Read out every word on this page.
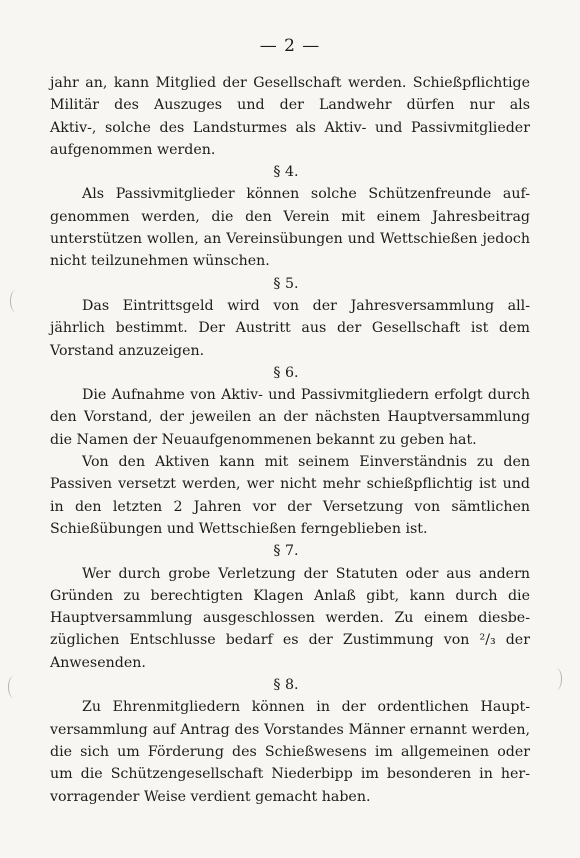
— 2 —
jahr an, kann Mitglied der Gesellschaft werden. Schießpflichtige
Militär des Auszuges und der Landwehr dürfen nur als
Aktiv-, solche des Landsturmes als Aktiv- und Passivmitglieder
aufgenommen werden.
§ 4.
Als Passivmitglieder können solche Schützenfreunde auf-
genommen werden, die den Verein mit einem Jahresbeitrag
unterstützen wollen, an Vereinsübungen und Wettschießen jedoch
nicht teilzunehmen wünschen.
§ 5.
Das Eintrittsgeld wird von der Jahresversammlung all-
jährlich bestimmt. Der Austritt aus der Gesellschaft ist dem
Vorstand anzuzeigen.
§ 6.
Die Aufnahme von Aktiv- und Passivmitgliedern erfolgt durch
den Vorstand, der jeweilen an der nächsten Hauptversammlung
die Namen der Neuaufgenommenen bekannt zu geben hat.
Von den Aktiven kann mit seinem Einverständnis zu den
Passiven versetzt werden, wer nicht mehr schießpflichtig ist und
in den letzten 2 Jahren vor der Versetzung von sämtlichen
Schießübungen und Wettschießen ferngeblieben ist.
§ 7.
Wer durch grobe Verletzung der Statuten oder aus andern
Gründen zu berechtigten Klagen Anlaß gibt, kann durch die
Hauptversammlung ausgeschlossen werden. Zu einem diesbe-
züglichen Entschlusse bedarf es der Zustimmung von ²/₃ der
Anwesenden.
§ 8.
Zu Ehrenmitgliedern können in der ordentlichen Haupt-
versammlung auf Antrag des Vorstandes Männer ernannt werden,
die sich um Förderung des Schießwesens im allgemeinen oder
um die Schützengesellschaft Niederbipp im besonderen in her-
vorragender Weise verdient gemacht haben.
